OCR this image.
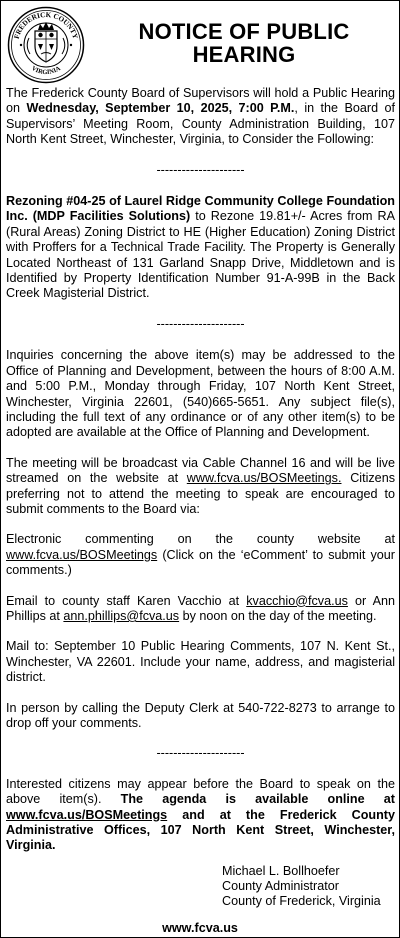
FREDERICK COUNTY
VIRGINIA
NOTICE OF PUBLIC
HEARING

The Frederick County Board of Supervisors will hold a Public Hearing on Wednesday, September 10, 2025, 7:00 P.M., in the Board of Supervisors’ Meeting Room, County Administration Building, 107 North Kent Street, Winchester, Virginia, to Consider the Following:

---------------------

Rezoning #04-25 of Laurel Ridge Community College Foundation Inc. (MDP Facilities Solutions) to Rezone 19.81+/- Acres from RA (Rural Areas) Zoning District to HE (Higher Education) Zoning District with Proffers for a Technical Trade Facility. The Property is Generally Located Northeast of 131 Garland Snapp Drive, Middletown and is Identified by Property Identification Number 91-A-99B in the Back Creek Magisterial District.

---------------------

Inquiries concerning the above item(s) may be addressed to the Office of Planning and Development, between the hours of 8:00 A.M. and 5:00 P.M., Monday through Friday, 107 North Kent Street, Winchester, Virginia 22601, (540)665-5651. Any subject file(s), including the full text of any ordinance or of any other item(s) to be adopted are available at the Office of Planning and Development.

The meeting will be broadcast via Cable Channel 16 and will be live streamed on the website at www.fcva.us/BOSMeetings. Citizens preferring not to attend the meeting to speak are encouraged to submit comments to the Board via:

Electronic commenting on the county website at www.fcva.us/BOSMeetings (Click on the ‘eComment’ to submit your comments.)

Email to county staff Karen Vacchio at kvacchio@fcva.us or Ann Phillips at ann.phillips@fcva.us by noon on the day of the meeting.

Mail to: September 10 Public Hearing Comments, 107 N. Kent St., Winchester, VA 22601. Include your name, address, and magisterial district.

In person by calling the Deputy Clerk at 540-722-8273 to arrange to drop off your comments.

---------------------

Interested citizens may appear before the Board to speak on the above item(s). The agenda is available online at www.fcva.us/BOSMeetings and at the Frederick County Administrative Offices, 107 North Kent Street, Winchester, Virginia.

Michael L. Bollhoefer
County Administrator
County of Frederick, Virginia
www.fcva.us
